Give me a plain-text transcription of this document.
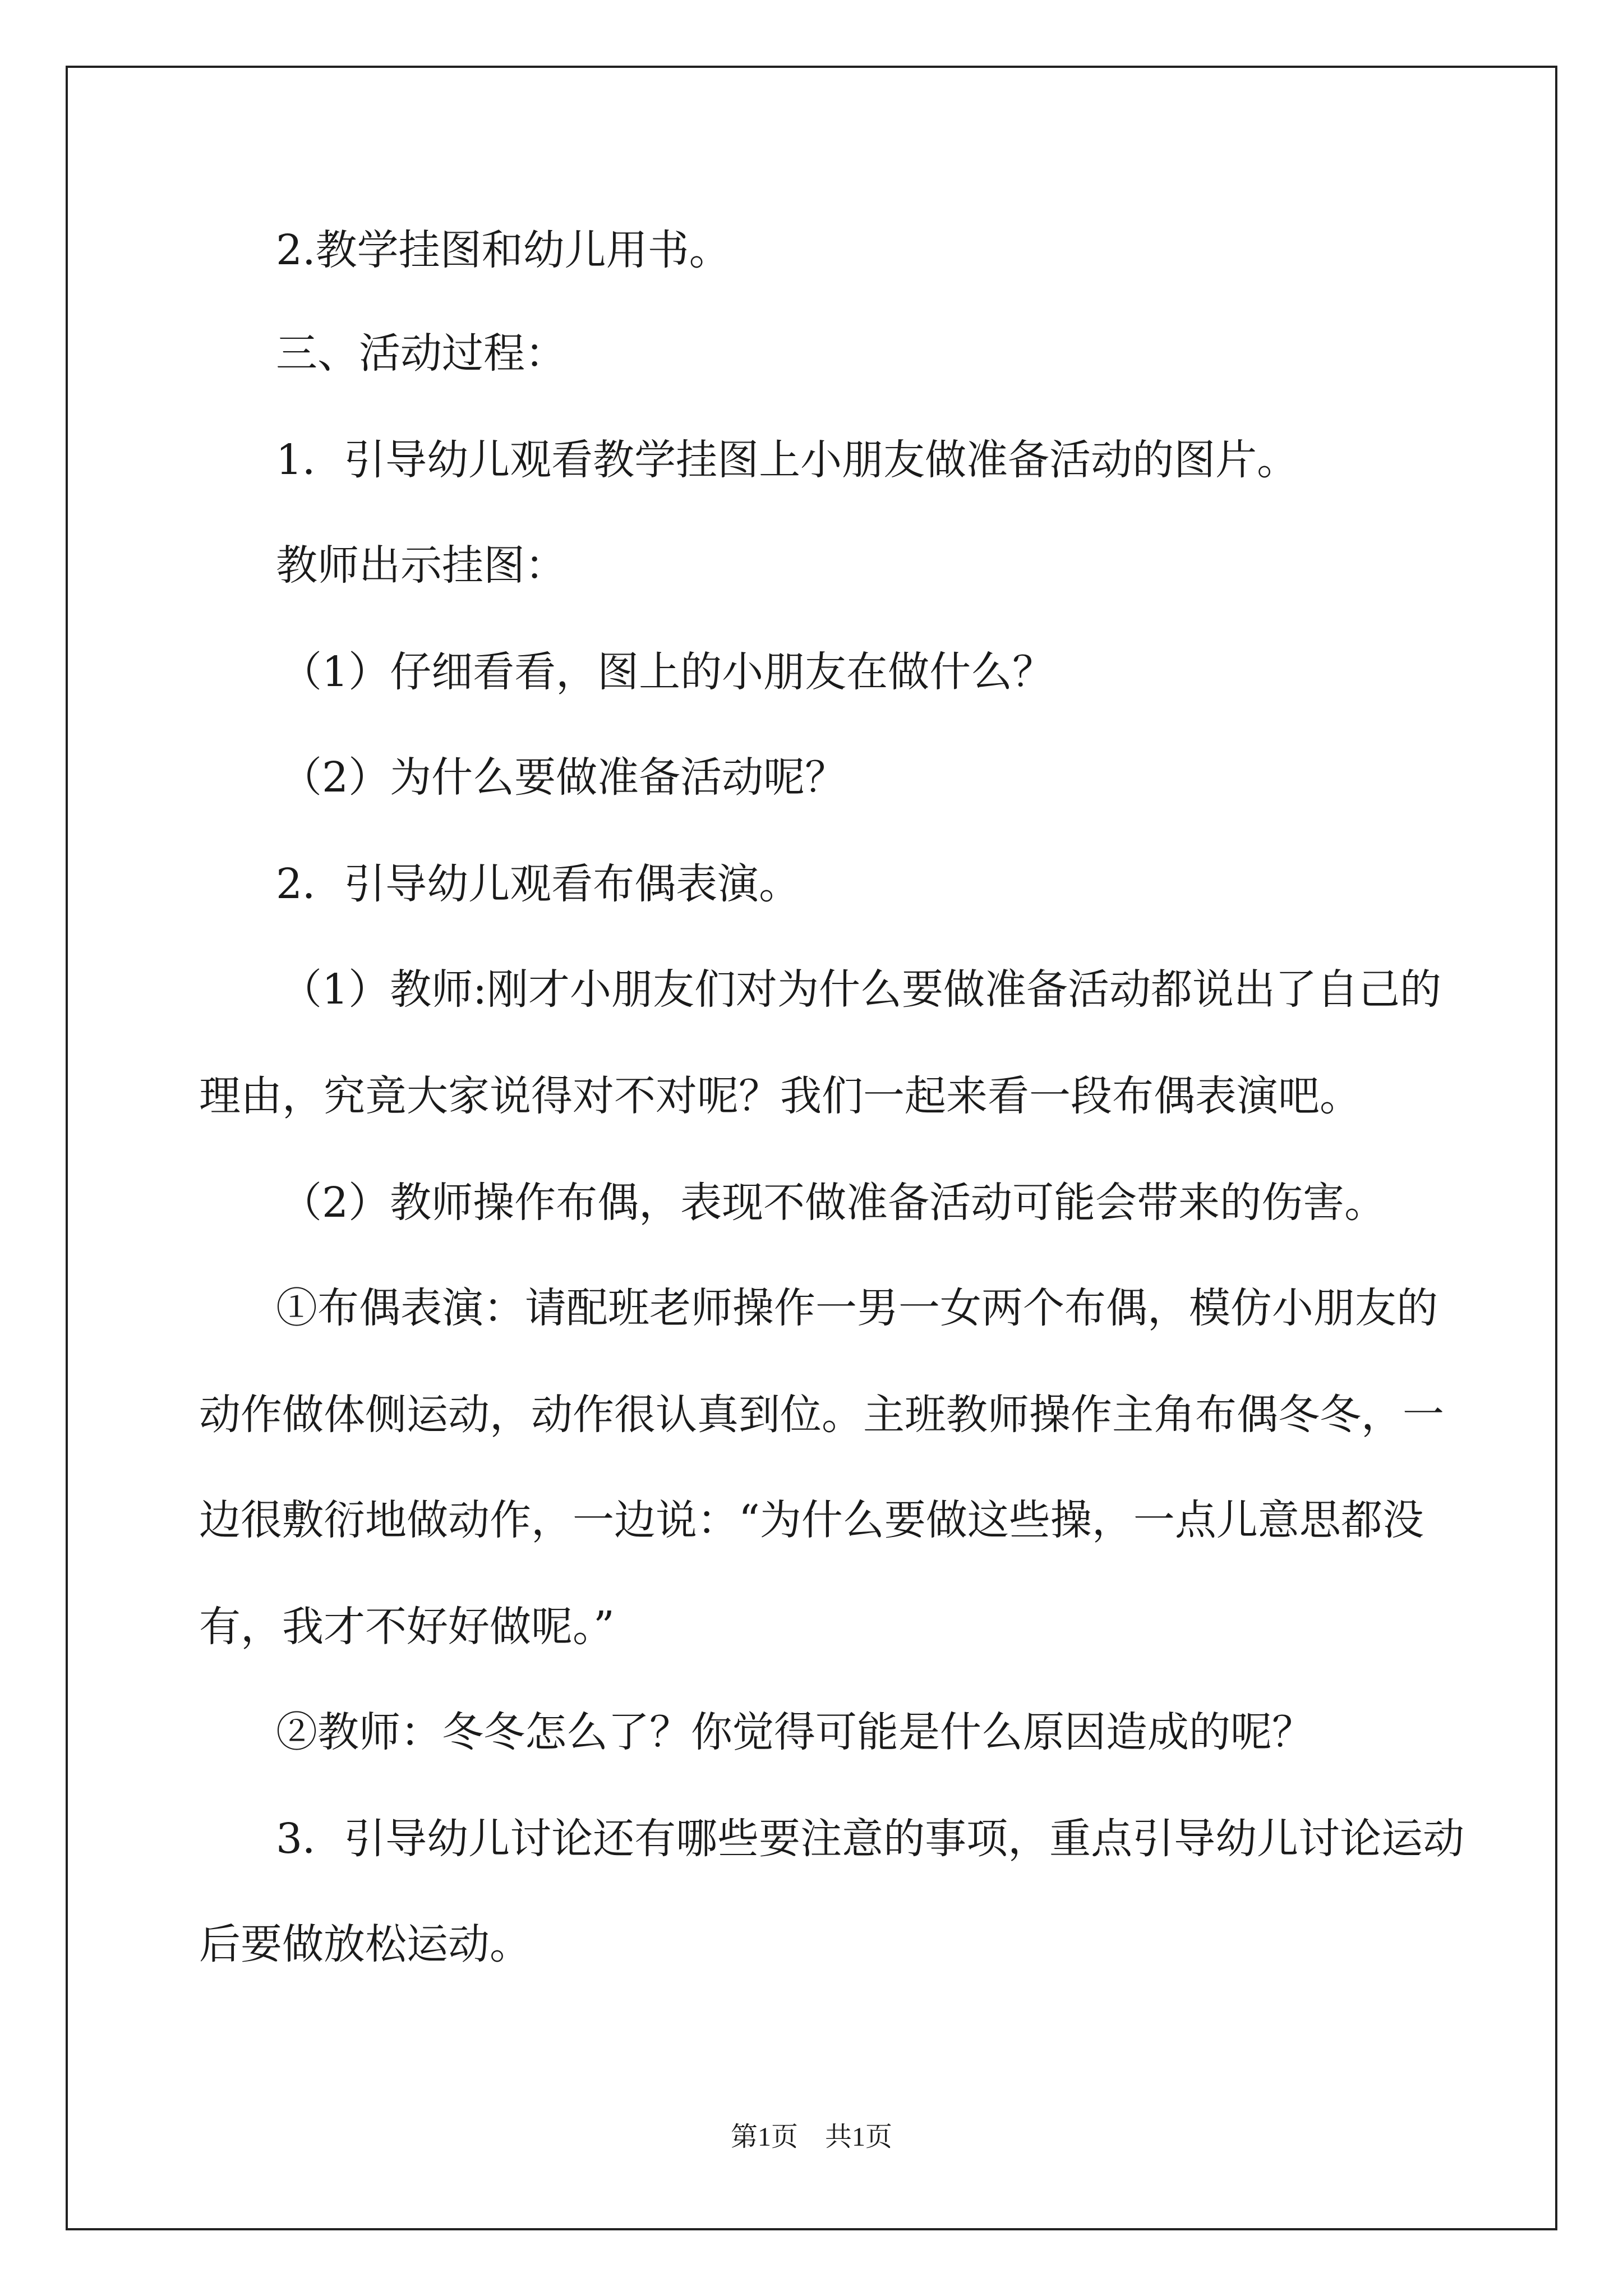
2.教学挂图和幼儿用书。

三、活动过程：

1．引导幼儿观看教学挂图上小朋友做准备活动的图片。

教师出示挂图：

（1）仔细看看，图上的小朋友在做什么？

（2）为什么要做准备活动呢？

2．引导幼儿观看布偶表演。

（1）教师:刚才小朋友们对为什么要做准备活动都说出了自己的

理由，究竟大家说得对不对呢？我们一起来看一段布偶表演吧。

（2）教师操作布偶，表现不做准备活动可能会带来的伤害。

①布偶表演：请配班老师操作一男一女两个布偶，模仿小朋友的

动作做体侧运动，动作很认真到位。主班教师操作主角布偶冬冬，一

边很敷衍地做动作，一边说：“为什么要做这些操，一点儿意思都没

有，我才不好好做呢。”

②教师：冬冬怎么了？你觉得可能是什么原因造成的呢？

3．引导幼儿讨论还有哪些要注意的事项，重点引导幼儿讨论运动

后要做放松运动。

第1页 共1页
